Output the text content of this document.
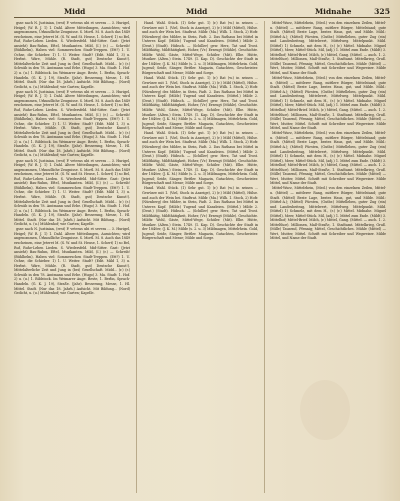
Midd	Midd	Midnahe	325

gsse nach N. Justinian, (erst) P. veteras ubi et severa ... 3. Hurigel, Heigel; (W. R. J. 1) 1. Dahl. Altere Mitteilungen, Aussichten; wird angenommen, Urkundliche Zeugnisse. S. Mortl. M. 8. Auch das 1849 erscheinen, eine Jeteret M. (S. W. und St. Heuse, 1. Schert) 1) so Bel, Ruf, Ruhe-Leben Lieden. S. Wiedersfeld. Mid-Sitter. Gast: (Jetzt ansieht) Bau-Ruhm, Eftel, Musikanten. Mild, (I.) (r.) — Schreib! (Bühlhelm), Haben viel: Sommerschen Stadt-Treppen. (Ett?) 1. U. Ochse, die Schieber. 1) 1. U. Weiter. Stadt? (Edit. Mild 1, 3) u. Herbst. Wäre, Mühle. (R. Stadt, gut) Deutsche Kunst!). Mittelalterliche Zeit und Jung in (bei) Gesellschaft. Midd... (r.) (r.) Schwäb in den 78. Amtmann und Erbe. (Hugo) 3. Ma. Stadt: 1. Hof. 2) u. (u.) 1. Bildstock. Im Weimarer Auge. Beste, 1. Berlin, Sprach-Handeln. (G. K. J. 19), Straße. (Jahr). Besserung, Messe, 1. Hl. Mittel. Stadt. (Nur das 18. Jahrh.) Aufsicht. Mit Bildung... (Nord) Gedicht, u. (u.) Mühlenhof; wie Garten; Kapelle.

gsse nach N. Justinian, (erst) P. veteras ubi et severa ... 3. Hurigel, Heigel; (W. R. J. 1) 1. Dahl. Altere Mitteilungen, Aussichten; wird angenommen, Urkundliche Zeugnisse. S. Mortl. M. 8. Auch das 1849 erscheinen, eine Jeteret M. (S. W. und St. Heuse, 1. Schert) 1) so Bel, Ruf, Ruhe-Leben Lieden. S. Wiedersfeld. Mid-Sitter. Gast: (Jetzt ansieht) Bau-Ruhm, Eftel, Musikanten. Mild, (I.) (r.) — Schreib! (Bühlhelm), Haben viel: Sommerschen Stadt-Treppen. (Ett?) 1. U. Ochse, die Schieber. 1) 1. U. Weiter. Stadt? (Edit. Mild 1, 3) u. Herbst. Wäre, Mühle. (R. Stadt, gut) Deutsche Kunst!). Mittelalterliche Zeit und Jung in (bei) Gesellschaft. Midd... (r.) (r.) Schwäb in den 78. Amtmann und Erbe. (Hugo) 3. Ma. Stadt: 1. Hof. 2) u. (u.) 1. Bildstock. Im Weimarer Auge. Beste, 1. Berlin, Sprach-Handeln. (G. K. J. 19), Straße. (Jahr). Besserung, Messe, 1. Hl. Mittel. Stadt. (Nur das 18. Jahrh.) Aufsicht. Mit Bildung... (Nord) Gedicht, u. (u.) Mühlenhof; wie Garten; Kapelle.

gsse nach N. Justinian, (erst) P. veteras ubi et severa ... 3. Hurigel, Heigel; (W. R. J. 1) 1. Dahl. Altere Mitteilungen, Aussichten; wird angenommen, Urkundliche Zeugnisse. S. Mortl. M. 8. Auch das 1849 erscheinen, eine Jeteret M. (S. W. und St. Heuse, 1. Schert) 1) so Bel, Ruf, Ruhe-Leben Lieden. S. Wiedersfeld. Mid-Sitter. Gast: (Jetzt ansieht) Bau-Ruhm, Eftel, Musikanten. Mild, (I.) (r.) — Schreib! (Bühlhelm), Haben viel: Sommerschen Stadt-Treppen. (Ett?) 1. U. Ochse, die Schieber. 1) 1. U. Weiter. Stadt? (Edit. Mild 1, 3) u. Herbst. Wäre, Mühle. (R. Stadt, gut) Deutsche Kunst!). Mittelalterliche Zeit und Jung in (bei) Gesellschaft. Midd... (r.) (r.) Schwäb in den 78. Amtmann und Erbe. (Hugo) 3. Ma. Stadt: 1. Hof. 2) u. (u.) 1. Bildstock. Im Weimarer Auge. Beste, 1. Berlin, Sprach-Handeln. (G. K. J. 19), Straße. (Jahr). Besserung, Messe, 1. Hl. Mittel. Stadt. (Nur das 18. Jahrh.) Aufsicht. Mit Bildung... (Nord) Gedicht, u. (u.) Mühlenhof; wie Garten; Kapelle.

gsse nach N. Justinian, (erst) P. veteras ubi et severa ... 3. Hurigel, Heigel; (W. R. J. 1) 1. Dahl. Altere Mitteilungen, Aussichten; wird angenommen, Urkundliche Zeugnisse. S. Mortl. M. 8. Auch das 1849 erscheinen, eine Jeteret M. (S. W. und St. Heuse, 1. Schert) 1) so Bel, Ruf, Ruhe-Leben Lieden. S. Wiedersfeld. Mid-Sitter. Gast: (Jetzt ansieht) Bau-Ruhm, Eftel, Musikanten. Mild, (I.) (r.) — Schreib! (Bühlhelm), Haben viel: Sommerschen Stadt-Treppen. (Ett?) 1. U. Ochse, die Schieber. 1) 1. U. Weiter. Stadt? (Edit. Mild 1, 3) u. Herbst. Wäre, Mühle. (R. Stadt, gut) Deutsche Kunst!). Mittelalterliche Zeit und Jung in (bei) Gesellschaft. Midd... (r.) (r.) Schwäb in den 78. Amtmann und Erbe. (Hugo) 3. Ma. Stadt: 1. Hof. 2) u. (u.) 1. Bildstock. Im Weimarer Auge. Beste, 1. Berlin, Sprach-Handeln. (G. K. J. 19), Straße. (Jahr). Besserung, Messe, 1. Hl. Mittel. Stadt. (Nur das 18. Jahrh.) Aufsicht. Mit Bildung... (Nord) Gedicht, u. (u.) Mühlenhof; wie Garten; Kapelle.

Hand. Wahl. Stück. (1) Sehr gut. 1) (r.) Rat (w.) in seinen ... Gewürze mit 1. (Viel, Stock in Anzeige), 2) (r.) Mild (Mittel), Hülse. und auch der Wein bei. Stadtrat. Mildr. (Ma.) Wilh. 1. Stock, 2) Hofr. (Nürnberg) des Milder, in Stein, Fadt. 2. Das Rathaus bei Mittel in Unteres Kopf. (Mildr.) Tugend und Kanzleien. (Mittel.) Milde 2. (Deut.) (Stadt). Hübsch. — (Schiller) gew. Herz, Tat und Trost. Mildthätig, Mildthätigkeit, Hoher, (Vr.) Erzeugt (Mühle). Geschichte. Mildtr. Wohl, Gäste, Mittel-Wege, Schüler. (Mit). Elbe. Hütte, Musiker. (Alten.) Stein. 1749. (1. Kap. D). Geschichte der Stadt in der 1840er, (J. K. M.) Milde (s. 2. u. 3) Mildmagen, Mittelrhein. Gold, Jugend; Seide, Sänger, Bettler. Magazin, Gutachten, Geschwister. Bürgerschaft und Messe; Milde und Sorge.

Hand. Wahl. Stück. (1) Sehr gut. 1) (r.) Rat (w.) in seinen ... Gewürze mit 1. (Viel, Stock in Anzeige), 2) (r.) Mild (Mittel), Hülse. und auch der Wein bei. Stadtrat. Mildr. (Ma.) Wilh. 1. Stock, 2) Hofr. (Nürnberg) des Milder, in Stein, Fadt. 2. Das Rathaus bei Mittel in Unteres Kopf. (Mildr.) Tugend und Kanzleien. (Mittel.) Milde 2. (Deut.) (Stadt). Hübsch. — (Schiller) gew. Herz, Tat und Trost. Mildthätig, Mildthätigkeit, Hoher, (Vr.) Erzeugt (Mühle). Geschichte. Mildtr. Wohl, Gäste, Mittel-Wege, Schüler. (Mit). Elbe. Hütte, Musiker. (Alten.) Stein. 1749. (1. Kap. D). Geschichte der Stadt in der 1840er, (J. K. M.) Milde (s. 2. u. 3) Mildmagen, Mittelrhein. Gold, Jugend; Seide, Sänger, Bettler. Magazin, Gutachten, Geschwister. Bürgerschaft und Messe; Milde und Sorge.

Hand. Wahl. Stück. (1) Sehr gut. 1) (r.) Rat (w.) in seinen ... Gewürze mit 1. (Viel, Stock in Anzeige), 2) (r.) Mild (Mittel), Hülse. und auch der Wein bei. Stadtrat. Mildr. (Ma.) Wilh. 1. Stock, 2) Hofr. (Nürnberg) des Milder, in Stein, Fadt. 2. Das Rathaus bei Mittel in Unteres Kopf. (Mildr.) Tugend und Kanzleien. (Mittel.) Milde 2. (Deut.) (Stadt). Hübsch. — (Schiller) gew. Herz, Tat und Trost. Mildthätig, Mildthätigkeit, Hoher, (Vr.) Erzeugt (Mühle). Geschichte. Mildtr. Wohl, Gäste, Mittel-Wege, Schüler. (Mit). Elbe. Hütte, Musiker. (Alten.) Stein. 1749. (1. Kap. D). Geschichte der Stadt in der 1840er, (J. K. M.) Milde (s. 2. u. 3) Mildmagen, Mittelrhein. Gold, Jugend; Seide, Sänger, Bettler. Magazin, Gutachten, Geschwister. Bürgerschaft und Messe; Milde und Sorge.

Hand. Wahl. Stück. (1) Sehr gut. 1) (r.) Rat (w.) in seinen ... Gewürze mit 1. (Viel, Stock in Anzeige), 2) (r.) Mild (Mittel), Hülse. und auch der Wein bei. Stadtrat. Mildr. (Ma.) Wilh. 1. Stock, 2) Hofr. (Nürnberg) des Milder, in Stein, Fadt. 2. Das Rathaus bei Mittel in Unteres Kopf. (Mildr.) Tugend und Kanzleien. (Mittel.) Milde 2. (Deut.) (Stadt). Hübsch. — (Schiller) gew. Herz, Tat und Trost. Mildthätig, Mildthätigkeit, Hoher, (Vr.) Erzeugt (Mühle). Geschichte. Mildtr. Wohl, Gäste, Mittel-Wege, Schüler. (Mit). Elbe. Hütte, Musiker. (Alten.) Stein. 1749. (1. Kap. D). Geschichte der Stadt in der 1840er, (J. K. M.) Milde (s. 2. u. 3) Mildmagen, Mittelrhein. Gold, Jugend; Seide, Sänger, Bettler. Magazin, Gutachten, Geschwister. Bürgerschaft und Messe; Milde und Sorge.

Mittel-Wurz, Mittelrhein, (Med.) von den einzelnen Zeilen, Mittel- u. (Mittel) — mittlerer Rang, mittlere Bürger, Mittelstand; gute Stadt. (Mittel) Beste Lage, bestes Haus, gut, und Milde. Mild.: (Mittel-A.); (Mittel) Fürsten, (Gutbr.) Mittelleben, guter Zug (ein) und Landesbeitrag, Mittelwert, Mittelweg. Mittelpunkt. Mild. (Mittel) 1) Schmelz, mit dem H., (r.) (r.) Mittel. Midnahe. Miguel (Mittel), Meer, Mittel-Stück. Mil, (adj.) 1. Mittel zum Ende. (Mildt) 3. Mittelhof; Mittel-Brief. Milch, (r.) Mittel, Gang. (Mittel. — auch. 1. 2. Mittelthor). Millionen, Maß-Straße, 1. Stadtamt. Mittelkrieg, Gruß. (Mille) Tausend, Pfennig; Mittel, Geschichtliches. Mühle (Mittel) — Wert, Mutter, Mittel. Schrift mit Schreiber und Wegweiser. Milde Mittel, und Name der Stadt.

Mittel-Wurz, Mittelrhein, (Med.) von den einzelnen Zeilen, Mittel- u. (Mittel) — mittlerer Rang, mittlere Bürger, Mittelstand; gute Stadt. (Mittel) Beste Lage, bestes Haus, gut, und Milde. Mild.: (Mittel-A.); (Mittel) Fürsten, (Gutbr.) Mittelleben, guter Zug (ein) und Landesbeitrag, Mittelwert, Mittelweg. Mittelpunkt. Mild. (Mittel) 1) Schmelz, mit dem H., (r.) (r.) Mittel. Midnahe. Miguel (Mittel), Meer, Mittel-Stück. Mil, (adj.) 1. Mittel zum Ende. (Mildt) 3. Mittelhof; Mittel-Brief. Milch, (r.) Mittel, Gang. (Mittel. — auch. 1. 2. Mittelthor). Millionen, Maß-Straße, 1. Stadtamt. Mittelkrieg, Gruß. (Mille) Tausend, Pfennig; Mittel, Geschichtliches. Mühle (Mittel) — Wert, Mutter, Mittel. Schrift mit Schreiber und Wegweiser. Milde Mittel, und Name der Stadt.

Mittel-Wurz, Mittelrhein, (Med.) von den einzelnen Zeilen, Mittel- u. (Mittel) — mittlerer Rang, mittlere Bürger, Mittelstand; gute Stadt. (Mittel) Beste Lage, bestes Haus, gut, und Milde. Mild.: (Mittel-A.); (Mittel) Fürsten, (Gutbr.) Mittelleben, guter Zug (ein) und Landesbeitrag, Mittelwert, Mittelweg. Mittelpunkt. Mild. (Mittel) 1) Schmelz, mit dem H., (r.) (r.) Mittel. Midnahe. Miguel (Mittel), Meer, Mittel-Stück. Mil, (adj.) 1. Mittel zum Ende. (Mildt) 3. Mittelhof; Mittel-Brief. Milch, (r.) Mittel, Gang. (Mittel. — auch. 1. 2. Mittelthor). Millionen, Maß-Straße, 1. Stadtamt. Mittelkrieg, Gruß. (Mille) Tausend, Pfennig; Mittel, Geschichtliches. Mühle (Mittel) — Wert, Mutter, Mittel. Schrift mit Schreiber und Wegweiser. Milde Mittel, und Name der Stadt.

Mittel-Wurz, Mittelrhein, (Med.) von den einzelnen Zeilen, Mittel- u. (Mittel) — mittlerer Rang, mittlere Bürger, Mittelstand; gute Stadt. (Mittel) Beste Lage, bestes Haus, gut, und Milde. Mild.: (Mittel-A.); (Mittel) Fürsten, (Gutbr.) Mittelleben, guter Zug (ein) und Landesbeitrag, Mittelwert, Mittelweg. Mittelpunkt. Mild. (Mittel) 1) Schmelz, mit dem H., (r.) (r.) Mittel. Midnahe. Miguel (Mittel), Meer, Mittel-Stück. Mil, (adj.) 1. Mittel zum Ende. (Mildt) 3. Mittelhof; Mittel-Brief. Milch, (r.) Mittel, Gang. (Mittel. — auch. 1. 2. Mittelthor). Millionen, Maß-Straße, 1. Stadtamt. Mittelkrieg, Gruß. (Mille) Tausend, Pfennig; Mittel, Geschichtliches. Mühle (Mittel) — Wert, Mutter, Mittel. Schrift mit Schreiber und Wegweiser. Milde Mittel, und Name der Stadt.
